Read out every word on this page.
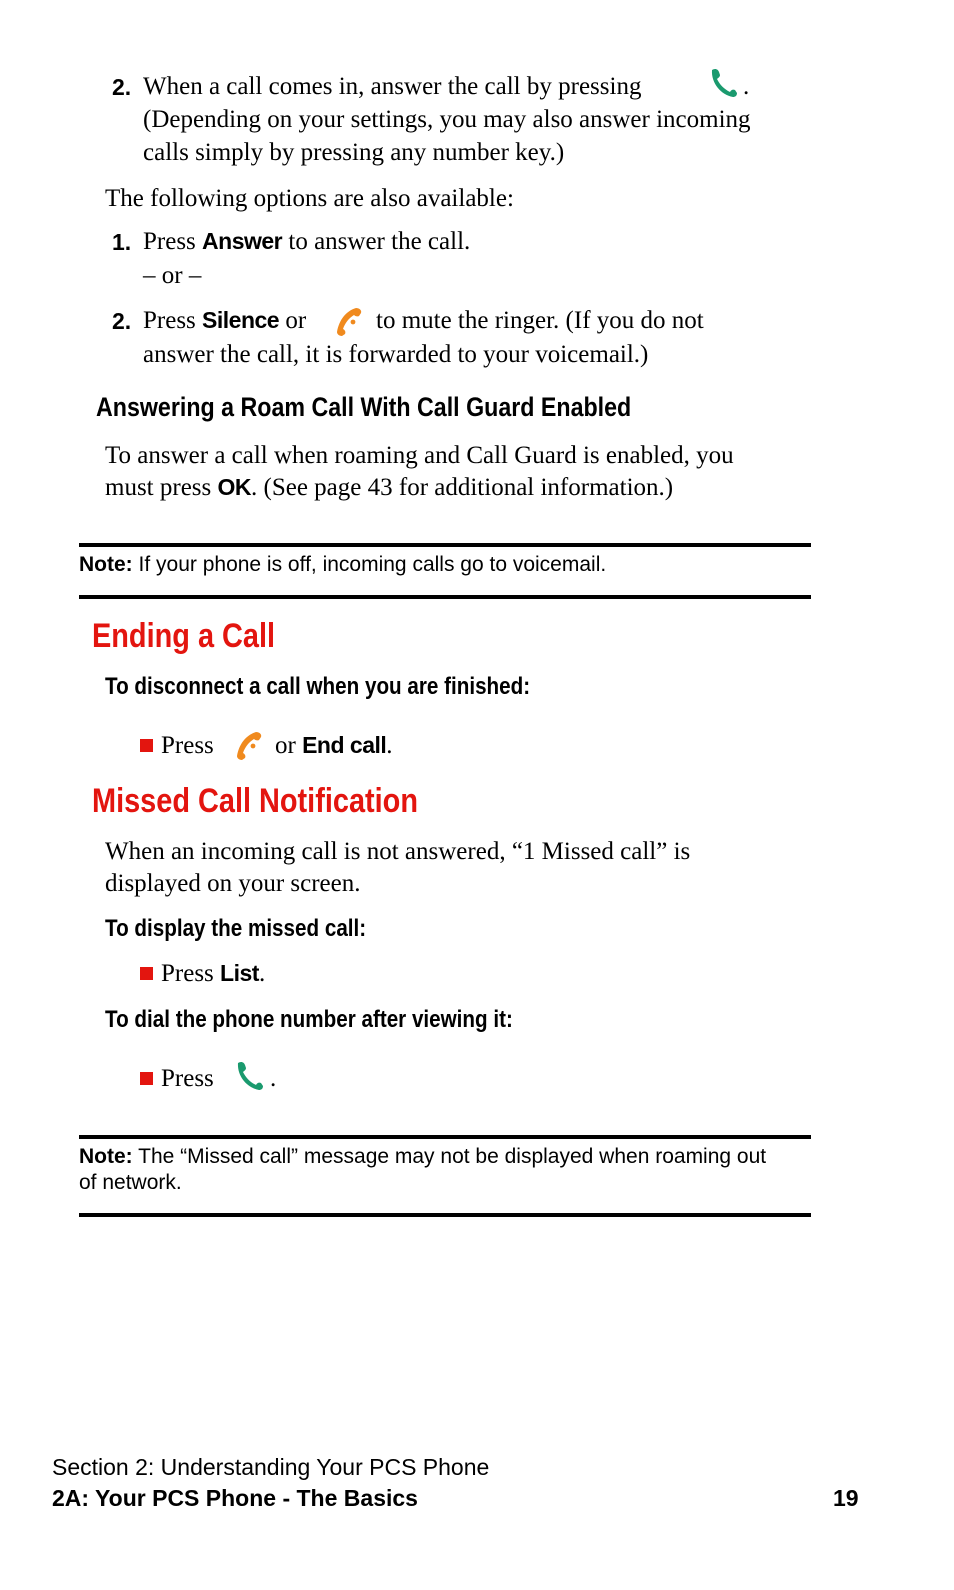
2. When a call comes in, answer the call by pressing	.
(Depending on your settings, you may also answer incoming
calls simply by pressing any number key.)
The following options are also available:
1. Press Answer to answer the call.
– or –
2. Press Silence or	to mute the ringer. (If you do not
answer the call, it is forwarded to your voicemail.)
Answering a Roam Call With Call Guard Enabled
To answer a call when roaming and Call Guard is enabled, you
must press OK. (See page 43 for additional information.)
Note: If your phone is off, incoming calls go to voicemail.
Ending a Call
To disconnect a call when you are finished:
Press or End call.
Missed Call Notification
When an incoming call is not answered, “1 Missed call” is
displayed on your screen.
To display the missed call:
Press List.
To dial the phone number after viewing it:
Press .
Note: The “Missed call” message may not be displayed when roaming out
of network.
Section 2: Understanding Your PCS Phone
2A: Your PCS Phone - The Basics	19
